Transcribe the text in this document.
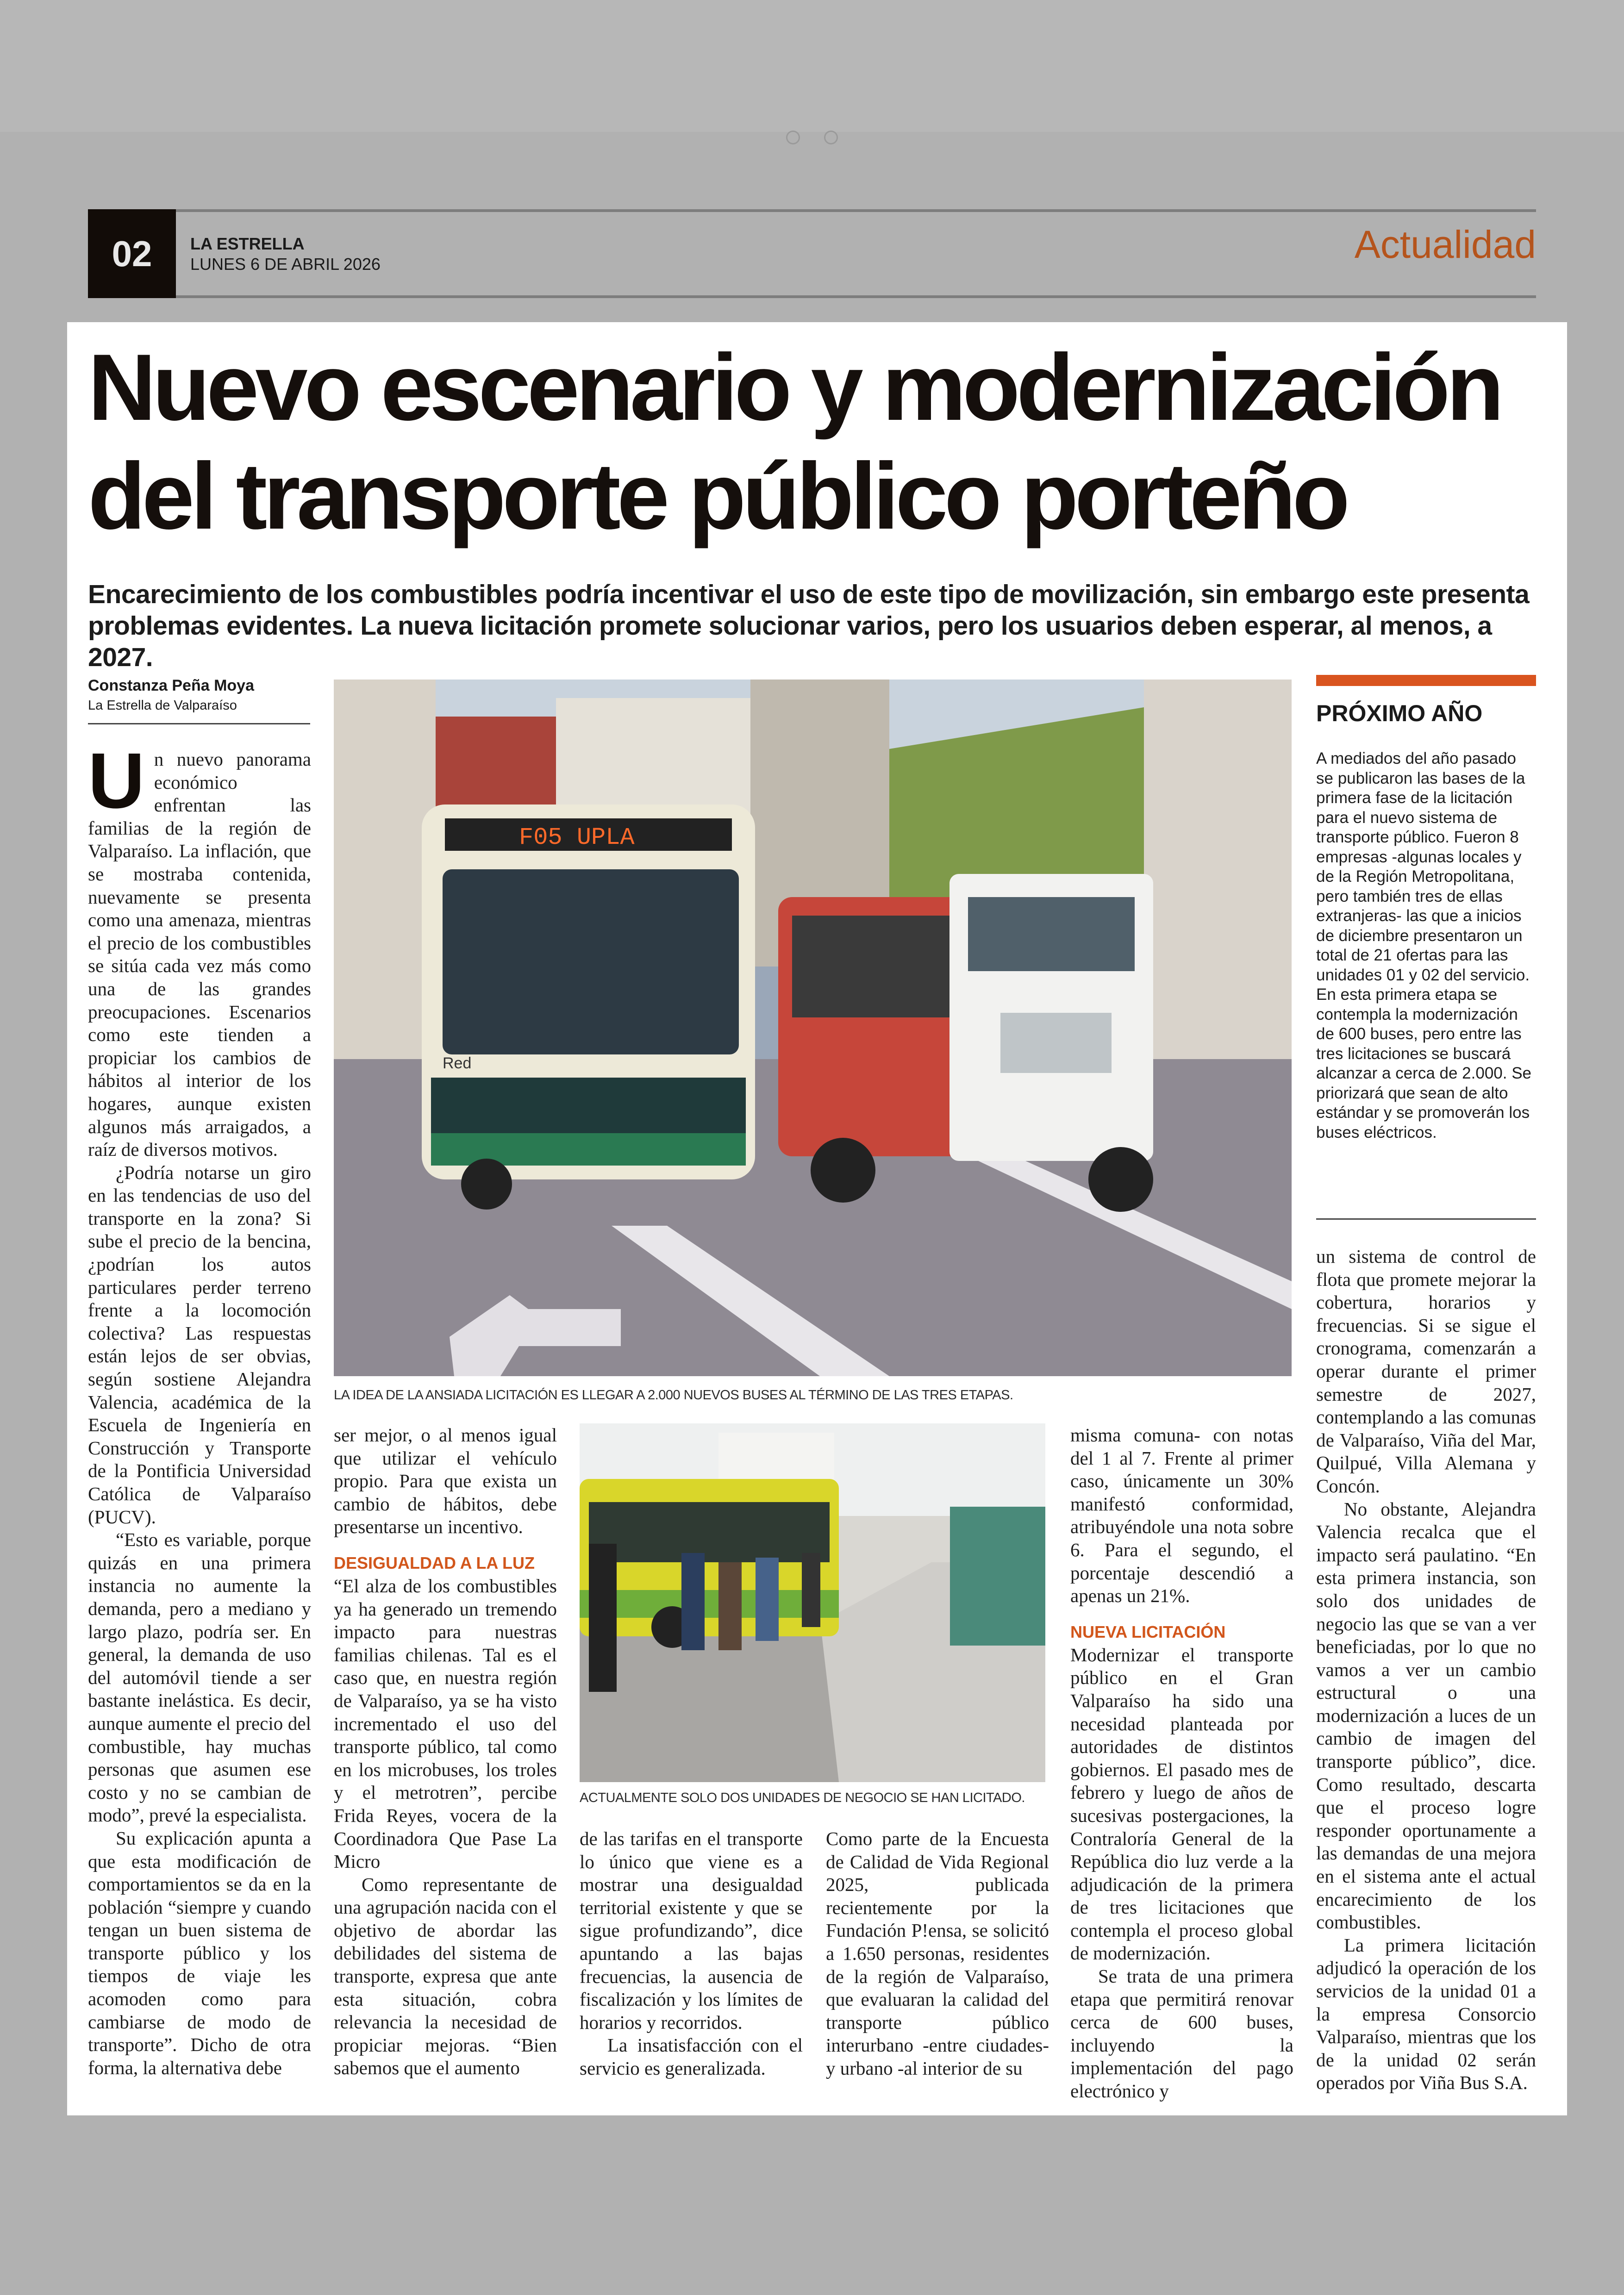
02	LA ESTRELLA
LUNES 6 DE ABRIL 2026	Actualidad
Nuevo escenario y modernización
del transporte público porteño
Encarecimiento de los combustibles podría incentivar el uso de este tipo de movilización, sin embargo este presenta problemas evidentes. La nueva licitación promete solucionar varios, pero los usuarios deben esperar, al menos, a 2027.
Constanza Peña Moya
La Estrella de Valparaíso

Un nuevo panorama económico enfrentan las familias de la región de Valparaíso. La inflación, que se mostraba contenida, nuevamente se presenta como una amenaza, mientras el precio de los combustibles se sitúa cada vez más como una de las grandes preocupaciones. Escenarios como este tienden a propiciar los cambios de hábitos al interior de los hogares, aunque existen algunos más arraigados, a raíz de diversos motivos.

¿Podría notarse un giro en las tendencias de uso del transporte en la zona? Si sube el precio de la bencina, ¿podrían los autos particulares perder terreno frente a la locomoción colectiva? Las respuestas están lejos de ser obvias, según sostiene Alejandra Valencia, académica de la Escuela de Ingeniería en Construcción y Transporte de la Pontificia Universidad Católica de Valparaíso (PUCV).

“Esto es variable, porque quizás en una primera instancia no aumente la demanda, pero a mediano y largo plazo, podría ser. En general, la demanda de uso del automóvil tiende a ser bastante inelástica. Es decir, aunque aumente el precio del combustible, hay muchas personas que asumen ese costo y no se cambian de modo”, prevé la especialista.

Su explicación apunta a que esta modificación de comportamientos se da en la población “siempre y cuando tengan un buen sistema de transporte público y los tiempos de viaje les acomoden como para cambiarse de modo de transporte”. Dicho de otra forma, la alternativa debe

F05 UPLA
Red
LA IDEA DE LA ANSIADA LICITACIÓN ES LLEGAR A 2.000 NUEVOS BUSES AL TÉRMINO DE LAS TRES ETAPAS.

ser mejor, o al menos igual que utilizar el vehículo propio. Para que exista un cambio de hábitos, debe presentarse un incentivo.

DESIGUALDAD A LA LUZ

“El alza de los combustibles ya ha generado un tremendo impacto para nuestras familias chilenas. Tal es el caso que, en nuestra región de Valparaíso, ya se ha visto incrementado el uso del transporte público, tal como en los microbuses, los troles y el metrotren”, percibe Frida Reyes, vocera de la Coordinadora Que Pase La Micro

Como representante de una agrupación nacida con el objetivo de abordar las debilidades del sistema de transporte, expresa que ante esta situación, cobra relevancia la necesidad de propiciar mejoras. “Bien sabemos que el aumento

ACTUALMENTE SOLO DOS UNIDADES DE NEGOCIO SE HAN LICITADO.

de las tarifas en el transporte lo único que viene es a mostrar una desigualdad territorial existente y que se sigue profundizando”, dice apuntando a las bajas frecuencias, la ausencia de fiscalización y los límites de horarios y recorridos.

La insatisfacción con el servicio es generalizada.

Como parte de la Encuesta de Calidad de Vida Regional 2025, publicada recientemente por la Fundación P!ensa, se solicitó a 1.650 personas, residentes de la región de Valparaíso, que evaluaran la calidad del transporte público interurbano -entre ciudades- y urbano -al interior de su

misma comuna- con notas del 1 al 7. Frente al primer caso, únicamente un 30% manifestó conformidad, atribuyéndole una nota sobre 6. Para el segundo, el porcentaje descendió a apenas un 21%.

NUEVA LICITACIÓN

Modernizar el transporte público en el Gran Valparaíso ha sido una necesidad planteada por autoridades de distintos gobiernos. El pasado mes de febrero y luego de años de sucesivas postergaciones, la Contraloría General de la República dio luz verde a la adjudicación de la primera de tres licitaciones que contempla el proceso global de modernización.

Se trata de una primera etapa que permitirá renovar cerca de 600 buses, incluyendo la implementación del pago electrónico y

PRÓXIMO AÑO
A mediados del año pasado se publicaron las bases de la primera fase de la licitación para el nuevo sistema de transporte público. Fueron 8 empresas -algunas locales y de la Región Metropolitana, pero también tres de ellas extranjeras- las que a inicios de diciembre presentaron un total de 21 ofertas para las unidades 01 y 02 del servicio. En esta primera etapa se contempla la modernización de 600 buses, pero entre las tres licitaciones se buscará alcanzar a cerca de 2.000. Se priorizará que sean de alto estándar y se promoverán los buses eléctricos.

un sistema de control de flota que promete mejorar la cobertura, horarios y frecuencias. Si se sigue el cronograma, comenzarán a operar durante el primer semestre de 2027, contemplando a las comunas de Valparaíso, Viña del Mar, Quilpué, Villa Alemana y Concón.

No obstante, Alejandra Valencia recalca que el impacto será paulatino. “En esta primera instancia, son solo dos unidades de negocio las que se van a ver beneficiadas, por lo que no vamos a ver un cambio estructural o una modernización a luces de un cambio de imagen del transporte público”, dice. Como resultado, descarta que el proceso logre responder oportunamente a las demandas de una mejora en el sistema ante el actual encarecimiento de los combustibles.

La primera licitación adjudicó la operación de los servicios de la unidad 01 a la empresa Consorcio Valparaíso, mientras que los de la unidad 02 serán operados por Viña Bus S.A.
